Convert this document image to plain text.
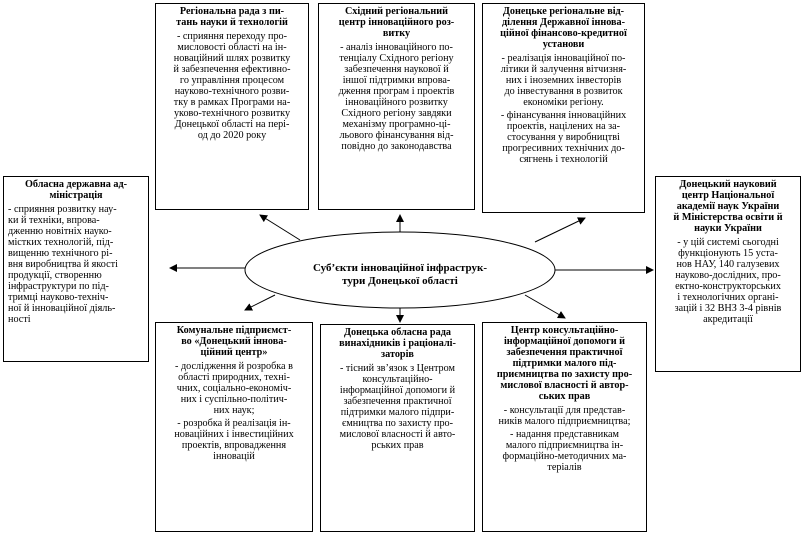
Суб’єкти інноваційної інфраструк-
тури Донецької області
Регіональна рада з пи-
тань науки й технологій
- сприяння переходу про-
мисловості області на ін-
новаційний шлях розвитку
й забезпечення ефективно-
го управління процесом
науково-технічного розви-
тку в рамках Програми на-
уково-технічного розвитку
Донецької області на пері-
од до 2020 року
Східний регіональний
центр інноваційного роз-
витку
- аналіз інноваційного по-
тенціалу Східного регіону
забезпечення наукової й
іншої підтримки впрова-
дження програм і проектів
інноваційного розвитку
Східного регіону завдяки
механізму програмно-ці-
льового фінансування від-
повідно до законодавства
Донецьке регіональне від-
ділення Державної іннова-
ційної фінансово-кредитної
установи
- реалізація інноваційної по-
літики й залучення вітчизня-
них і іноземних інвесторів
до інвестування в розвиток
економіки регіону.
- фінансування інноваційних
проектів, націлених на за-
стосування у виробництві
прогресивних технічних до-
сягнень і технологій
Обласна державна ад-
міністрація
- сприяння розвитку нау-
ки й техніки, впрова-
дженню новітніх науко-
містких технологій, під-
вищенню технічного рі-
вня виробництва й якості
продукції, створенню
інфраструктури по під-
тримці науково-техніч-
ної й інноваційної діяль-
ності
Донецький науковий
центр Національної
академії наук України
й Міністерства освіти й
науки України
- у цій системі сьогодні
функціонують 15 уста-
нов НАУ, 140 галузевих
науково-дослідних, про-
ектно-конструкторських
і технологічних органі-
зацій і 32 ВНЗ 3-4 рівнів
акредитації
Комунальне підприємст-
во «Донецький іннова-
ційний центр»
- дослідження й розробка в
області природних, техні-
чних, соціально-економіч-
них і суспільно-політич-
них наук;
- розробка й реалізація ін-
новаційних і інвестиційних
проектів, впровадження
інновацій
Донецька обласна рада
винахідників і раціоналі-
заторів
- тісний зв’язок з Центром
консультаційно-
інформаційної допомоги й
забезпечення практичної
підтримки малого підпри-
ємництва по захисту про-
мислової власності й авто-
рських прав
Центр консультаційно-
інформаційної допомоги й
забезпечення практичної
підтримки малого під-
приємництва по захисту про-
мислової власності й автор-
ських прав
- консультації для представ-
ників малого підприємництва;
- надання представникам
малого підприємництва ін-
формаційно-методичних ма-
теріалів
